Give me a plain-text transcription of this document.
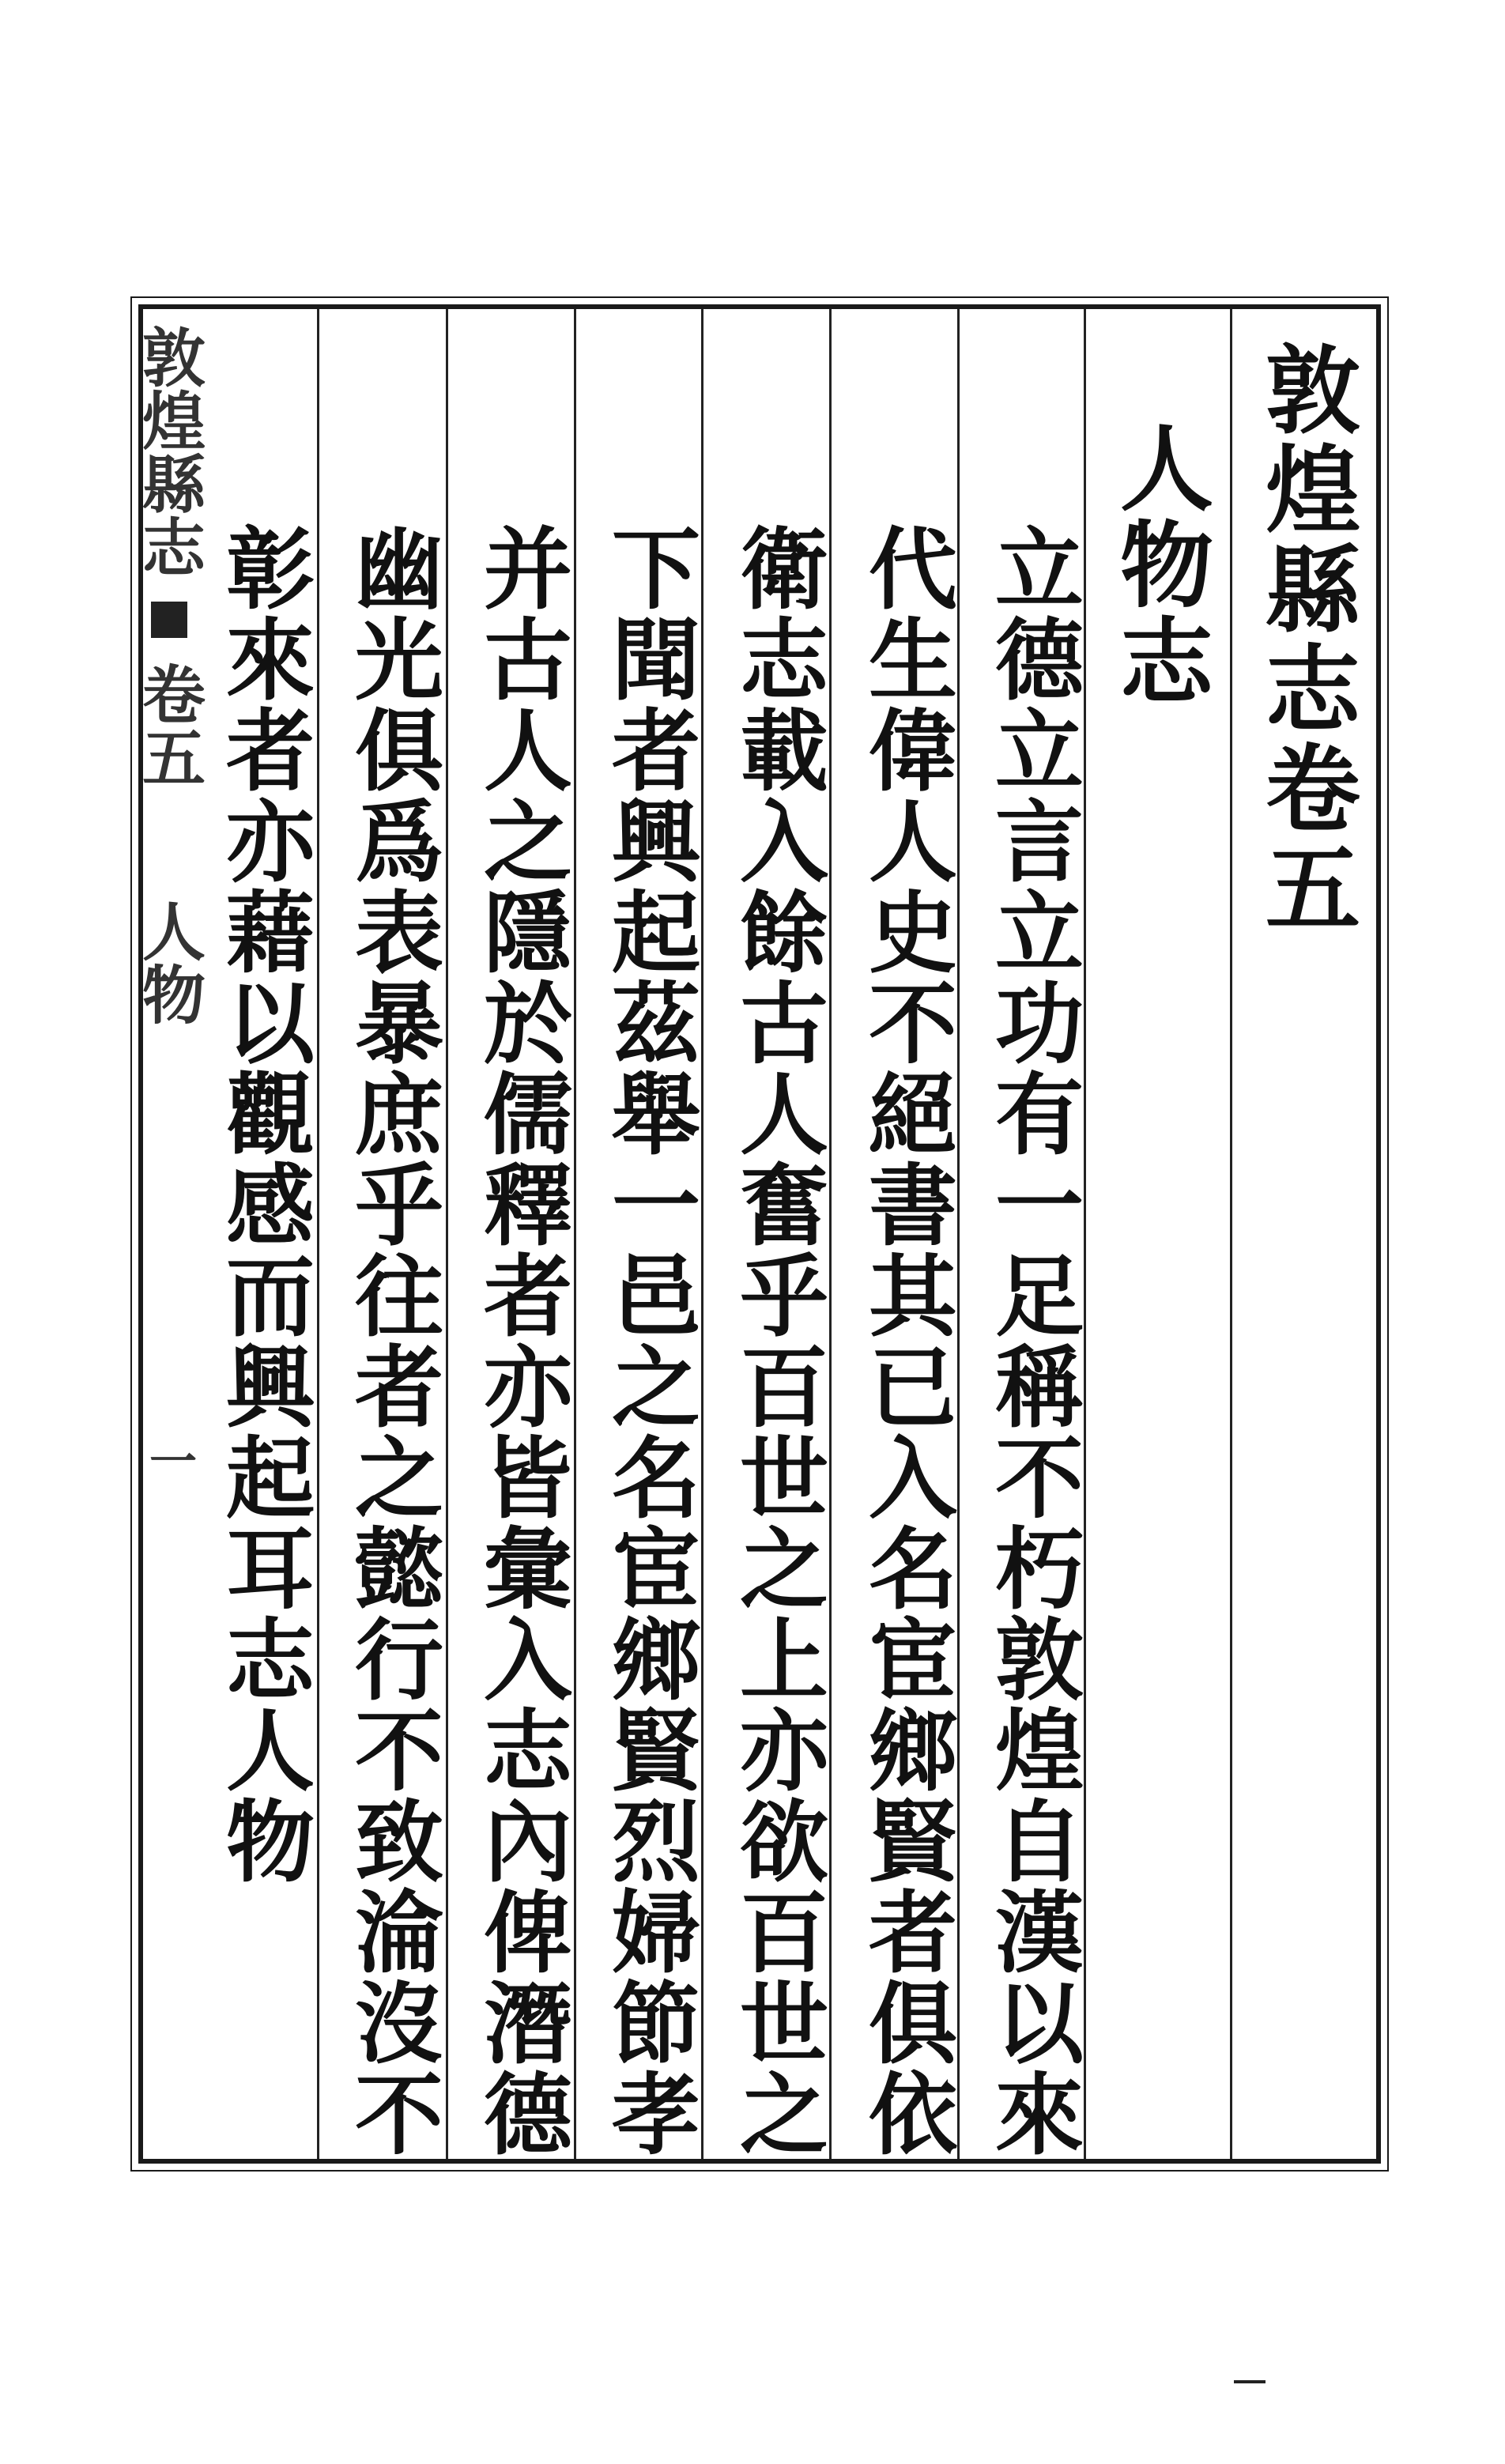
敦煌縣志卷五
人物志
立德立言立功有一足稱不朽敦煌自漢以來
代生偉人史不絕書其已入名宦鄉賢者俱依
衛志載入餘古人奮乎百世之上亦欲百世之
下聞者興起茲舉一邑之名宦鄉賢烈婦節孝
并古人之隱於儒釋者亦皆彙入志內俾潛德
幽光俱爲表暴庶乎往者之懿行不致淪沒不
彰來者亦藉以觀感而興起耳志人物
敦煌縣志
卷五
人物
一
